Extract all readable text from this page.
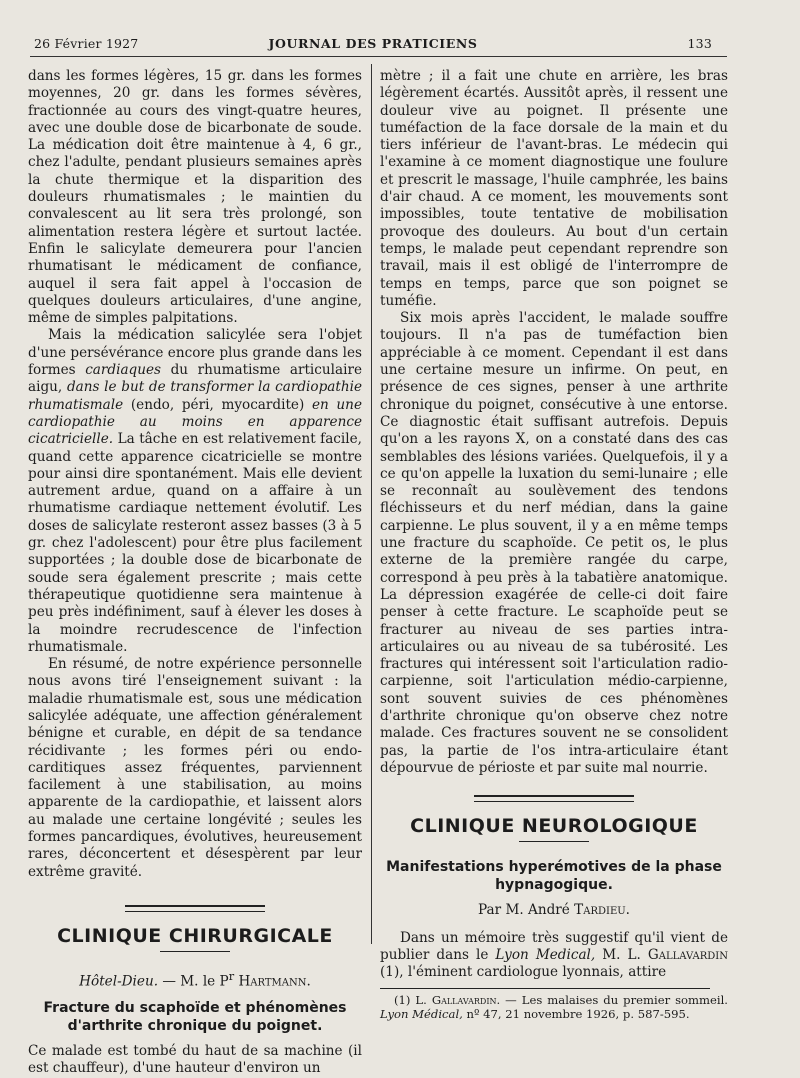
26 Février 1927	JOURNAL DES PRATICIENS	133

dans les formes légères, 15 gr. dans les formes moyennes, 20 gr. dans les formes sévères, fractionnée au cours des vingt-quatre heures, avec une double dose de bicarbonate de soude. La médication doit être maintenue à 4, 6 gr., chez l'adulte, pendant plusieurs semaines après la chute thermique et la disparition des douleurs rhumatismales ; le maintien du convalescent au lit sera très prolongé, son alimentation restera légère et surtout lactée. Enfin le salicylate demeurera pour l'ancien rhumatisant le médicament de confiance, auquel il sera fait appel à l'occasion de quelques douleurs articulaires, d'une angine, même de simples palpitations.

Mais la médication salicylée sera l'objet d'une persévérance encore plus grande dans les formes cardiaques du rhumatisme articulaire aigu, dans le but de transformer la cardiopathie rhumatismale (endo, péri, myocardite) en une cardiopathie au moins en apparence cicatricielle. La tâche en est relativement facile, quand cette apparence cicatricielle se montre pour ainsi dire spontanément. Mais elle devient autrement ardue, quand on a affaire à un rhumatisme cardiaque nettement évolutif. Les doses de salicylate resteront assez basses (3 à 5 gr. chez l'adolescent) pour être plus facilement supportées ; la double dose de bicarbonate de soude sera également prescrite ; mais cette thérapeutique quotidienne sera maintenue à peu près indéfiniment, sauf à élever les doses à la moindre recrudescence de l'infection rhumatismale.

En résumé, de notre expérience personnelle nous avons tiré l'enseignement suivant : la maladie rhumatismale est, sous une médication salicylée adéquate, une affection généralement bénigne et curable, en dépit de sa tendance récidivante ; les formes péri ou endo-carditiques assez fréquentes, parviennent facilement à une stabilisation, au moins apparente de la cardiopathie, et laissent alors au malade une certaine longévité ; seules les formes pancardiques, évolutives, heureusement rares, déconcertent et désespèrent par leur extrême gravité.

CLINIQUE CHIRURGICALE
Hôtel-Dieu. — M. le $P^r$ Hartmann.
Fracture du scaphoïde et phénomènes d'arthrite chronique du poignet.

Ce malade est tombé du haut de sa machine (il est chauffeur), d'une hauteur d'environ un

mètre ; il a fait une chute en arrière, les bras légèrement écartés. Aussitôt après, il ressent une douleur vive au poignet. Il présente une tuméfaction de la face dorsale de la main et du tiers inférieur de l'avant-bras. Le médecin qui l'examine à ce moment diagnostique une foulure et prescrit le massage, l'huile camphrée, les bains d'air chaud. A ce moment, les mouvements sont impossibles, toute tentative de mobilisation provoque des douleurs. Au bout d'un certain temps, le malade peut cependant reprendre son travail, mais il est obligé de l'interrompre de temps en temps, parce que son poignet se tuméfie.

Six mois après l'accident, le malade souffre toujours. Il n'a pas de tuméfaction bien appréciable à ce moment. Cependant il est dans une certaine mesure un infirme. On peut, en présence de ces signes, penser à une arthrite chronique du poignet, consécutive à une entorse. Ce diagnostic était suffisant autrefois. Depuis qu'on a les rayons X, on a constaté dans des cas semblables des lésions variées. Quelquefois, il y a ce qu'on appelle la luxation du semi-lunaire ; elle se reconnaît au soulèvement des tendons fléchisseurs et du nerf médian, dans la gaine carpienne. Le plus souvent, il y a en même temps une fracture du scaphoïde. Ce petit os, le plus externe de la première rangée du carpe, correspond à peu près à la tabatière anatomique. La dépression exagérée de celle-ci doit faire penser à cette fracture. Le scaphoïde peut se fracturer au niveau de ses parties intra-articulaires ou au niveau de sa tubérosité. Les fractures qui intéressent soit l'articulation radio-carpienne, soit l'articulation médio-carpienne, sont souvent suivies de ces phénomènes d'arthrite chronique qu'on observe chez notre malade. Ces fractures souvent ne se consolident pas, la partie de l'os intra-articulaire étant dépourvue de périoste et par suite mal nourrie.

CLINIQUE NEUROLOGIQUE
Manifestations hyperémotives de la phase hypnagogique.
Par M. André Tardieu.

Dans un mémoire très suggestif qu'il vient de publier dans le Lyon Medical, M. L. Gallavardin (1), l'éminent cardiologue lyonnais, attire

(1) L. Gallavardin. — Les malaises du premier sommeil. Lyon Médical, nº 47, 21 novembre 1926, p. 587-595.
